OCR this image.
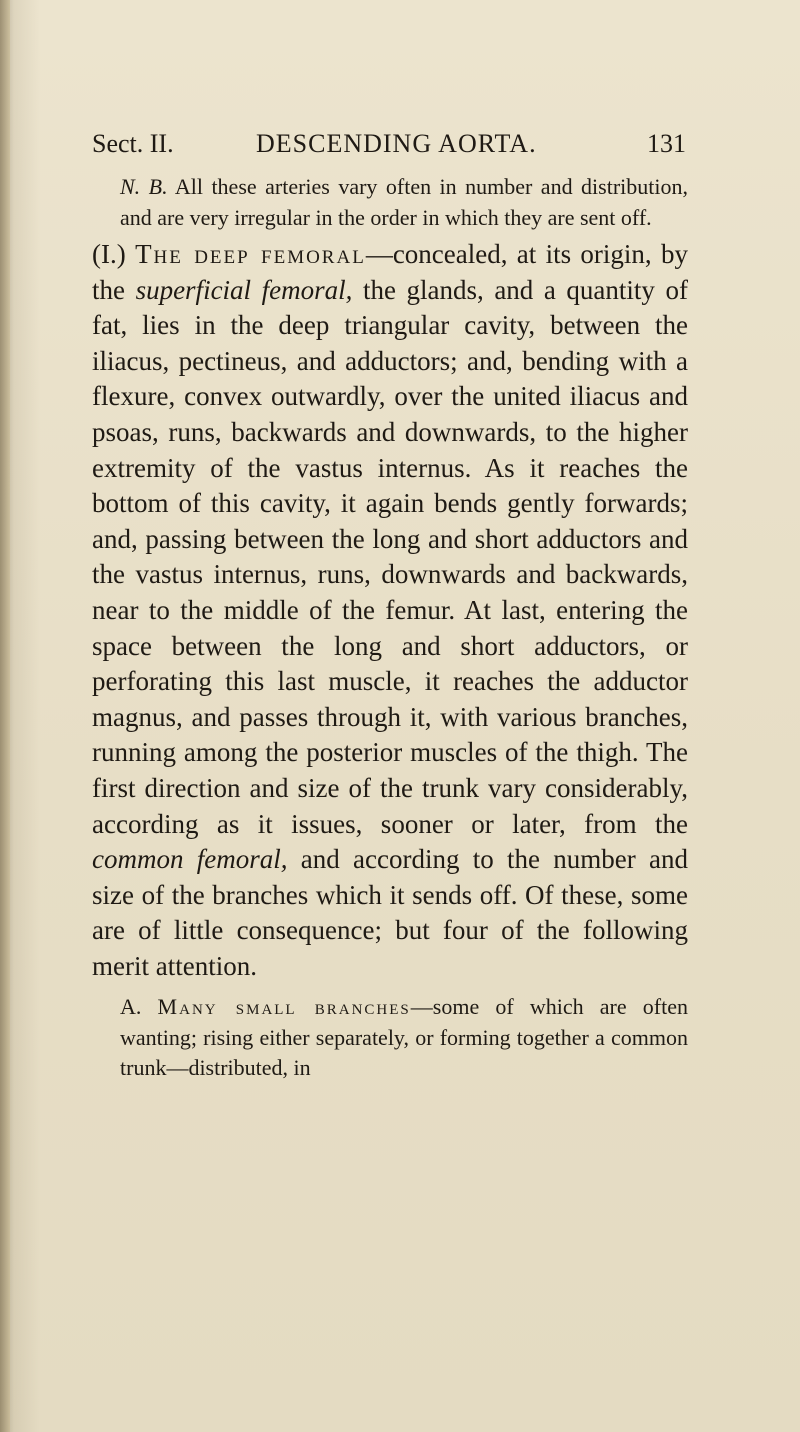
Sect. II.	DESCENDING AORTA.	131

N. B. All these arteries vary often in number and distribution, and are very irregular in the order in which they are sent off.

(I.) The deep femoral—concealed, at its origin, by the superficial femoral, the glands, and a quantity of fat, lies in the deep triangular cavity, between the iliacus, pectineus, and adductors; and, bending with a flexure, convex outwardly, over the united iliacus and psoas, runs, backwards and downwards, to the higher extremity of the vastus internus. As it reaches the bottom of this cavity, it again bends gently forwards; and, passing between the long and short adductors and the vastus internus, runs, downwards and backwards, near to the middle of the femur. At last, entering the space between the long and short adductors, or perforating this last muscle, it reaches the adductor magnus, and passes through it, with various branches, running among the posterior muscles of the thigh. The first direction and size of the trunk vary considerably, according as it issues, sooner or later, from the common femoral, and according to the number and size of the branches which it sends off. Of these, some are of little consequence; but four of the following merit attention.

A. Many small branches—some of which are often wanting; rising either separately, or forming together a common trunk—distributed, in
